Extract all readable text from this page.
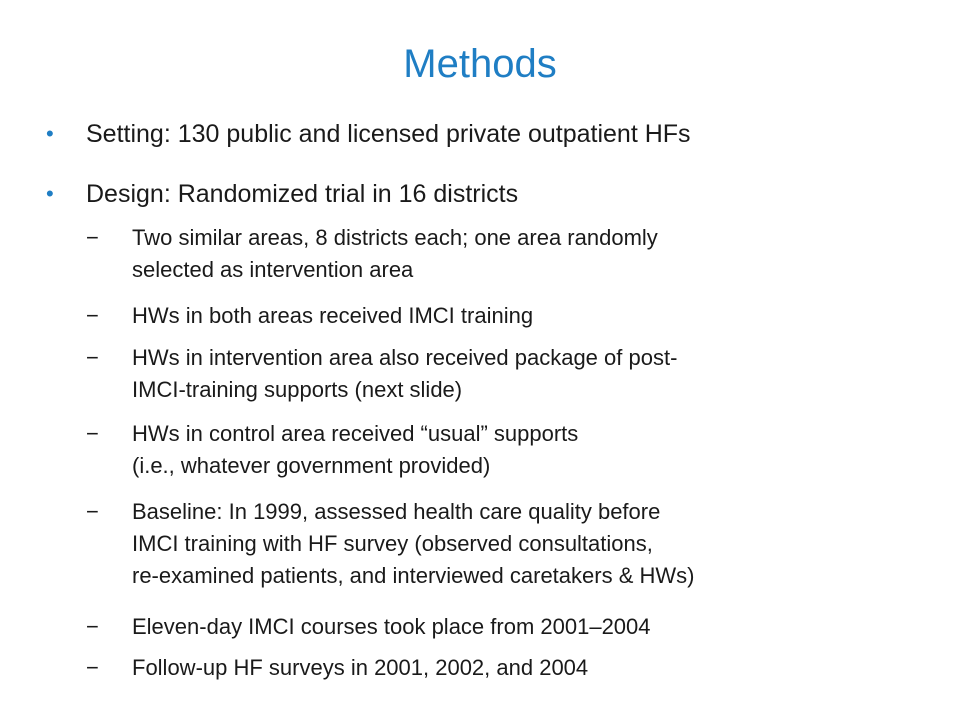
Methods
• Setting: 130 public and licensed private outpatient HFs
• Design: Randomized trial in 16 districts
−	Two similar areas, 8 districts each; one area randomly
selected as intervention area
−	HWs in both areas received IMCI training
−	HWs in intervention area also received package of post-
IMCI-training supports (next slide)
−	HWs in control area received “usual” supports
(i.e., whatever government provided)
−	Baseline: In 1999, assessed health care quality before
IMCI training with HF survey (observed consultations,
re-examined patients, and interviewed caretakers & HWs)
−	Eleven-day IMCI courses took place from 2001–2004
−	Follow-up HF surveys in 2001, 2002, and 2004
